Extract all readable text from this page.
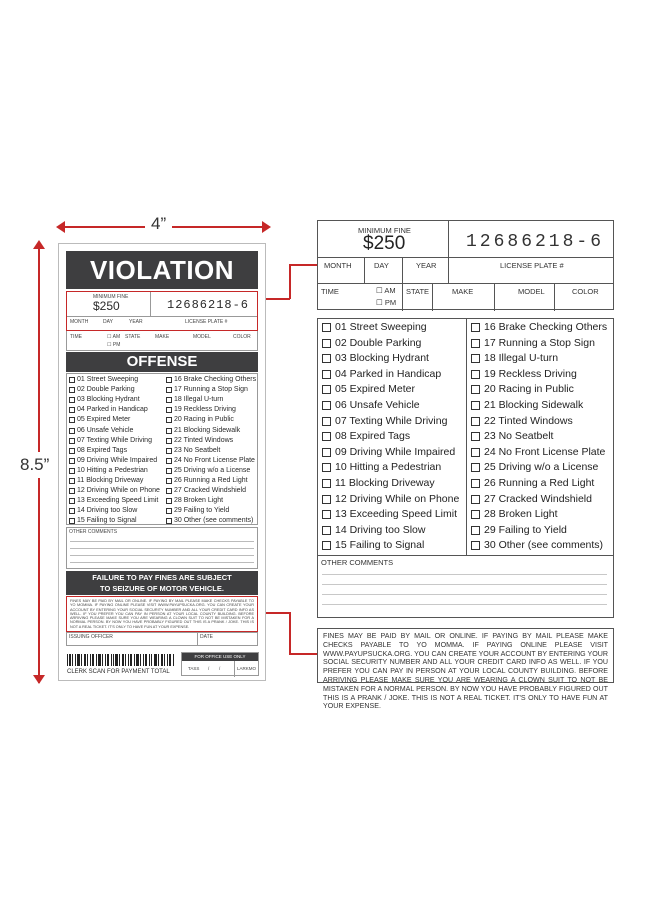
4”
8.5”
VIOLATION
MINIMUM FINE
$250	12686218-6
MONTH	DAY	YEAR	LICENSE PLATE #
TIME	☐ AM
☐ PM
STATE	MAKE	MODEL	COLOR
OFFENSE
01 Street Sweeping
02 Double Parking
03 Blocking Hydrant
04 Parked in Handicap
05 Expired Meter
06 Unsafe Vehicle
07 Texting While Driving
08 Expired Tags
09 Driving While Impaired
10 Hitting a Pedestrian
11 Blocking Driveway
12 Driving While on Phone
13 Exceeding Speed Limit
14 Driving too Slow
15 Failing to Signal
16 Brake Checking Others
17 Running a Stop Sign
18 Illegal U-turn
19 Reckless Driving
20 Racing in Public
21 Blocking Sidewalk
22 Tinted Windows
23 No Seatbelt
24 No Front License Plate
25 Driving w/o a License
26 Running a Red Light
27 Cracked Windshield
28 Broken Light
29 Failing to Yield
30 Other (see comments)
OTHER COMMENTS
FAILURE TO PAY FINES ARE SUBJECT
TO SEIZURE OF MOTOR VEHICLE.
FINES MAY BE PAID BY MAIL OR ONLINE. IF PAYING BY MAIL PLEASE MAKE CHECKS PAYABLE TO YO MOMMA. IF PAYING ONLINE PLEASE VISIT WWW.PAYUPSUCKA.ORG. YOU CAN CREATE YOUR ACCOUNT BY ENTERING YOUR SOCIAL SECURITY NUMBER AND ALL YOUR CREDIT CARD INFO AS WELL. IF YOU PREFER YOU CAN PAY IN PERSON AT YOUR LOCAL COUNTY BUILDING. BEFORE ARRIVING PLEASE MAKE SURE YOU ARE WEARING A CLOWN SUIT TO NOT BE MISTAKEN FOR A NORMAL PERSON. BY NOW YOU HAVE PROBABLY FIGURED OUT THIS IS A PRANK / JOKE. THIS IS NOT A REAL TICKET. IT'S ONLY TO HAVE FUN AT YOUR EXPENSE.
ISSUING OFFICER	DATE
CLERK SCAN FOR PAYMENT TOTAL
FOR OFFICE USE ONLY
TASS / /	LARKMO
MINIMUM FINE
$250	12686218-6
MONTH	DAY	YEAR	LICENSE PLATE #
TIME	☐ AM
☐ PM
STATE	MAKE	MODEL	COLOR
01 Street Sweeping
02 Double Parking
03 Blocking Hydrant
04 Parked in Handicap
05 Expired Meter
06 Unsafe Vehicle
07 Texting While Driving
08 Expired Tags
09 Driving While Impaired
10 Hitting a Pedestrian
11 Blocking Driveway
12 Driving While on Phone
13 Exceeding Speed Limit
14 Driving too Slow
15 Failing to Signal
16 Brake Checking Others
17 Running a Stop Sign
18 Illegal U-turn
19 Reckless Driving
20 Racing in Public
21 Blocking Sidewalk
22 Tinted Windows
23 No Seatbelt
24 No Front License Plate
25 Driving w/o a License
26 Running a Red Light
27 Cracked Windshield
28 Broken Light
29 Failing to Yield
30 Other (see comments)
OTHER COMMENTS
FINES MAY BE PAID BY MAIL OR ONLINE. IF PAYING BY MAIL PLEASE MAKE CHECKS PAYABLE TO YO MOMMA. IF PAYING ONLINE PLEASE VISIT WWW.PAYUPSUCKA.ORG. YOU CAN CREATE YOUR ACCOUNT BY ENTERING YOUR SOCIAL SECURITY NUMBER AND ALL YOUR CREDIT CARD INFO AS WELL. IF YOU PREFER YOU CAN PAY IN PERSON AT YOUR LOCAL COUNTY BUILDING. BEFORE ARRIVING PLEASE MAKE SURE YOU ARE WEARING A CLOWN SUIT TO NOT BE MISTAKEN FOR A NORMAL PERSON. BY NOW YOU HAVE PROBABLY FIGURED OUT THIS IS A PRANK / JOKE. THIS IS NOT A REAL TICKET. IT'S ONLY TO HAVE FUN AT YOUR EXPENSE.
